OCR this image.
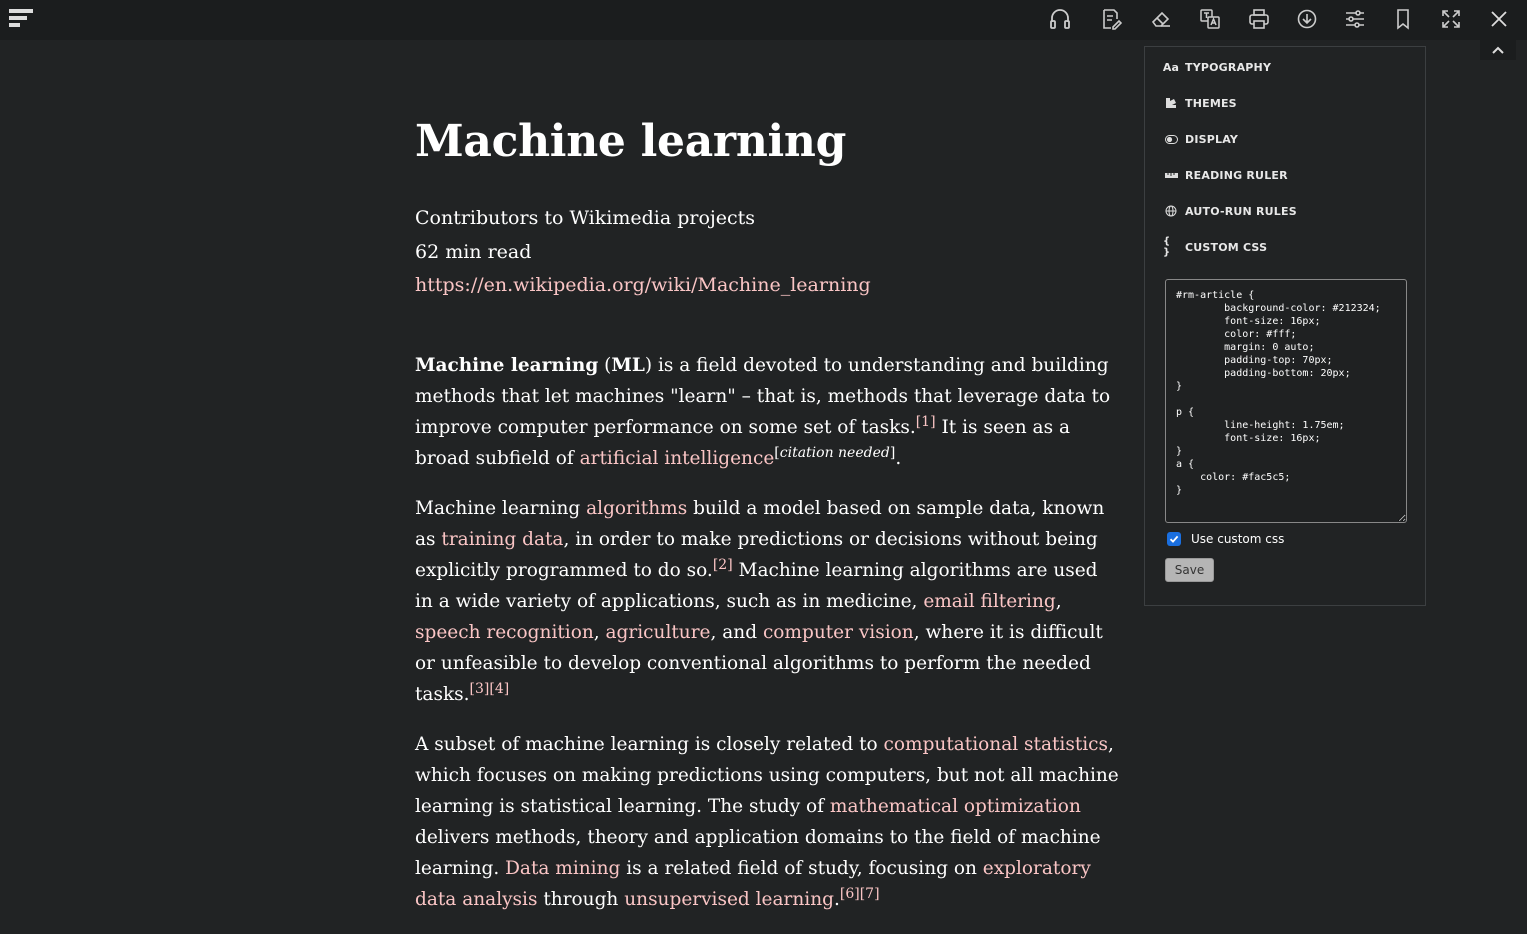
Machine learning
Contributors to Wikimedia projects
62 min read
https://en.wikipedia.org/wiki/Machine_learning

Machine learning (ML) is a field devoted to understanding and building methods that let machines "learn" – that is, methods that leverage data to improve computer performance on some set of tasks.[1] It is seen as a broad subfield of artificial intelligence[citation needed].

Machine learning algorithms build a model based on sample data, known as training data, in order to make predictions or decisions without being explicitly programmed to do so.[2] Machine learning algorithms are used in a wide variety of applications, such as in medicine, email filtering, speech recognition, agriculture, and computer vision, where it is difficult or unfeasible to develop conventional algorithms to perform the needed tasks.[3][4]

A subset of machine learning is closely related to computational statistics, which focuses on making predictions using computers, but not all machine learning is statistical learning. The study of mathematical optimization delivers methods, theory and application domains to the field of machine learning. Data mining is a related field of study, focusing on exploratory data analysis through unsupervised learning.[6][7]

Aa TYPOGRAPHY
THEMES
DISPLAY
READING RULER
AUTO-RUN RULES
{ }	CUSTOM CSS
#rm-article { background-color: #212324; font-size: 16px; color: #fff; margin: 0 auto; padding-top: 70px; padding-bottom: 20px; } p { line-height: 1.75em; font-size: 16px; } a { color: #fac5c5; }
Use custom css
Save
